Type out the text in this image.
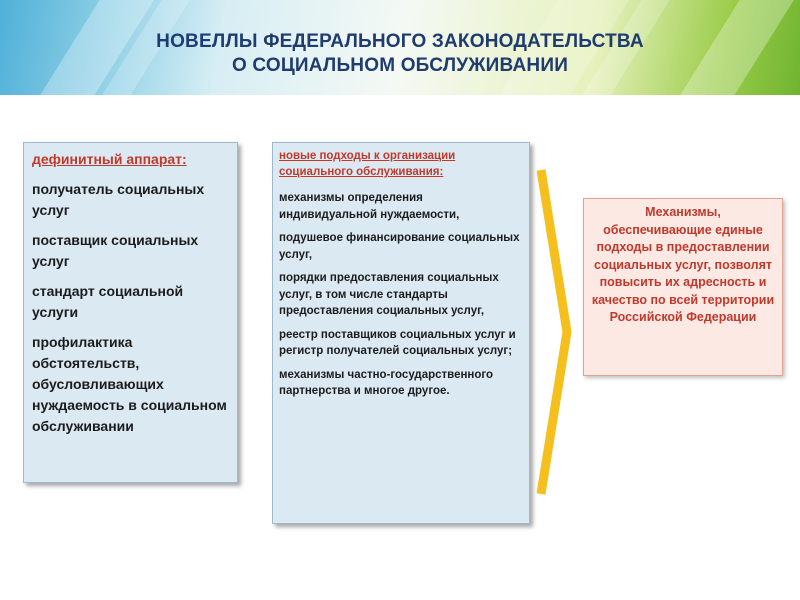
НОВЕЛЛЫ ФЕДЕРАЛЬНОГО ЗАКОНОДАТЕЛЬСТВА
О СОЦИАЛЬНОМ ОБСЛУЖИВАНИИ
дефинитный аппарат:
получатель социальных услуг
поставщик социальных услуг
стандарт социальной услуги
профилактика обстоятельств, обусловливающих нуждаемость в социальном обслуживании
новые подходы к организации социального обслуживания:
механизмы определения индивидуальной нуждаемости,
подушевое финансирование социальных услуг,
порядки предоставления социальных услуг, в том числе стандарты предоставления социальных услуг,
реестр поставщиков социальных услуг и регистр получателей социальных услуг;
механизмы частно-государственного партнерства и многое другое.
Механизмы, обеспечивающие единые подходы в предоставлении социальных услуг, позволят повысить их адресность и качество по всей территории Российской Федерации
